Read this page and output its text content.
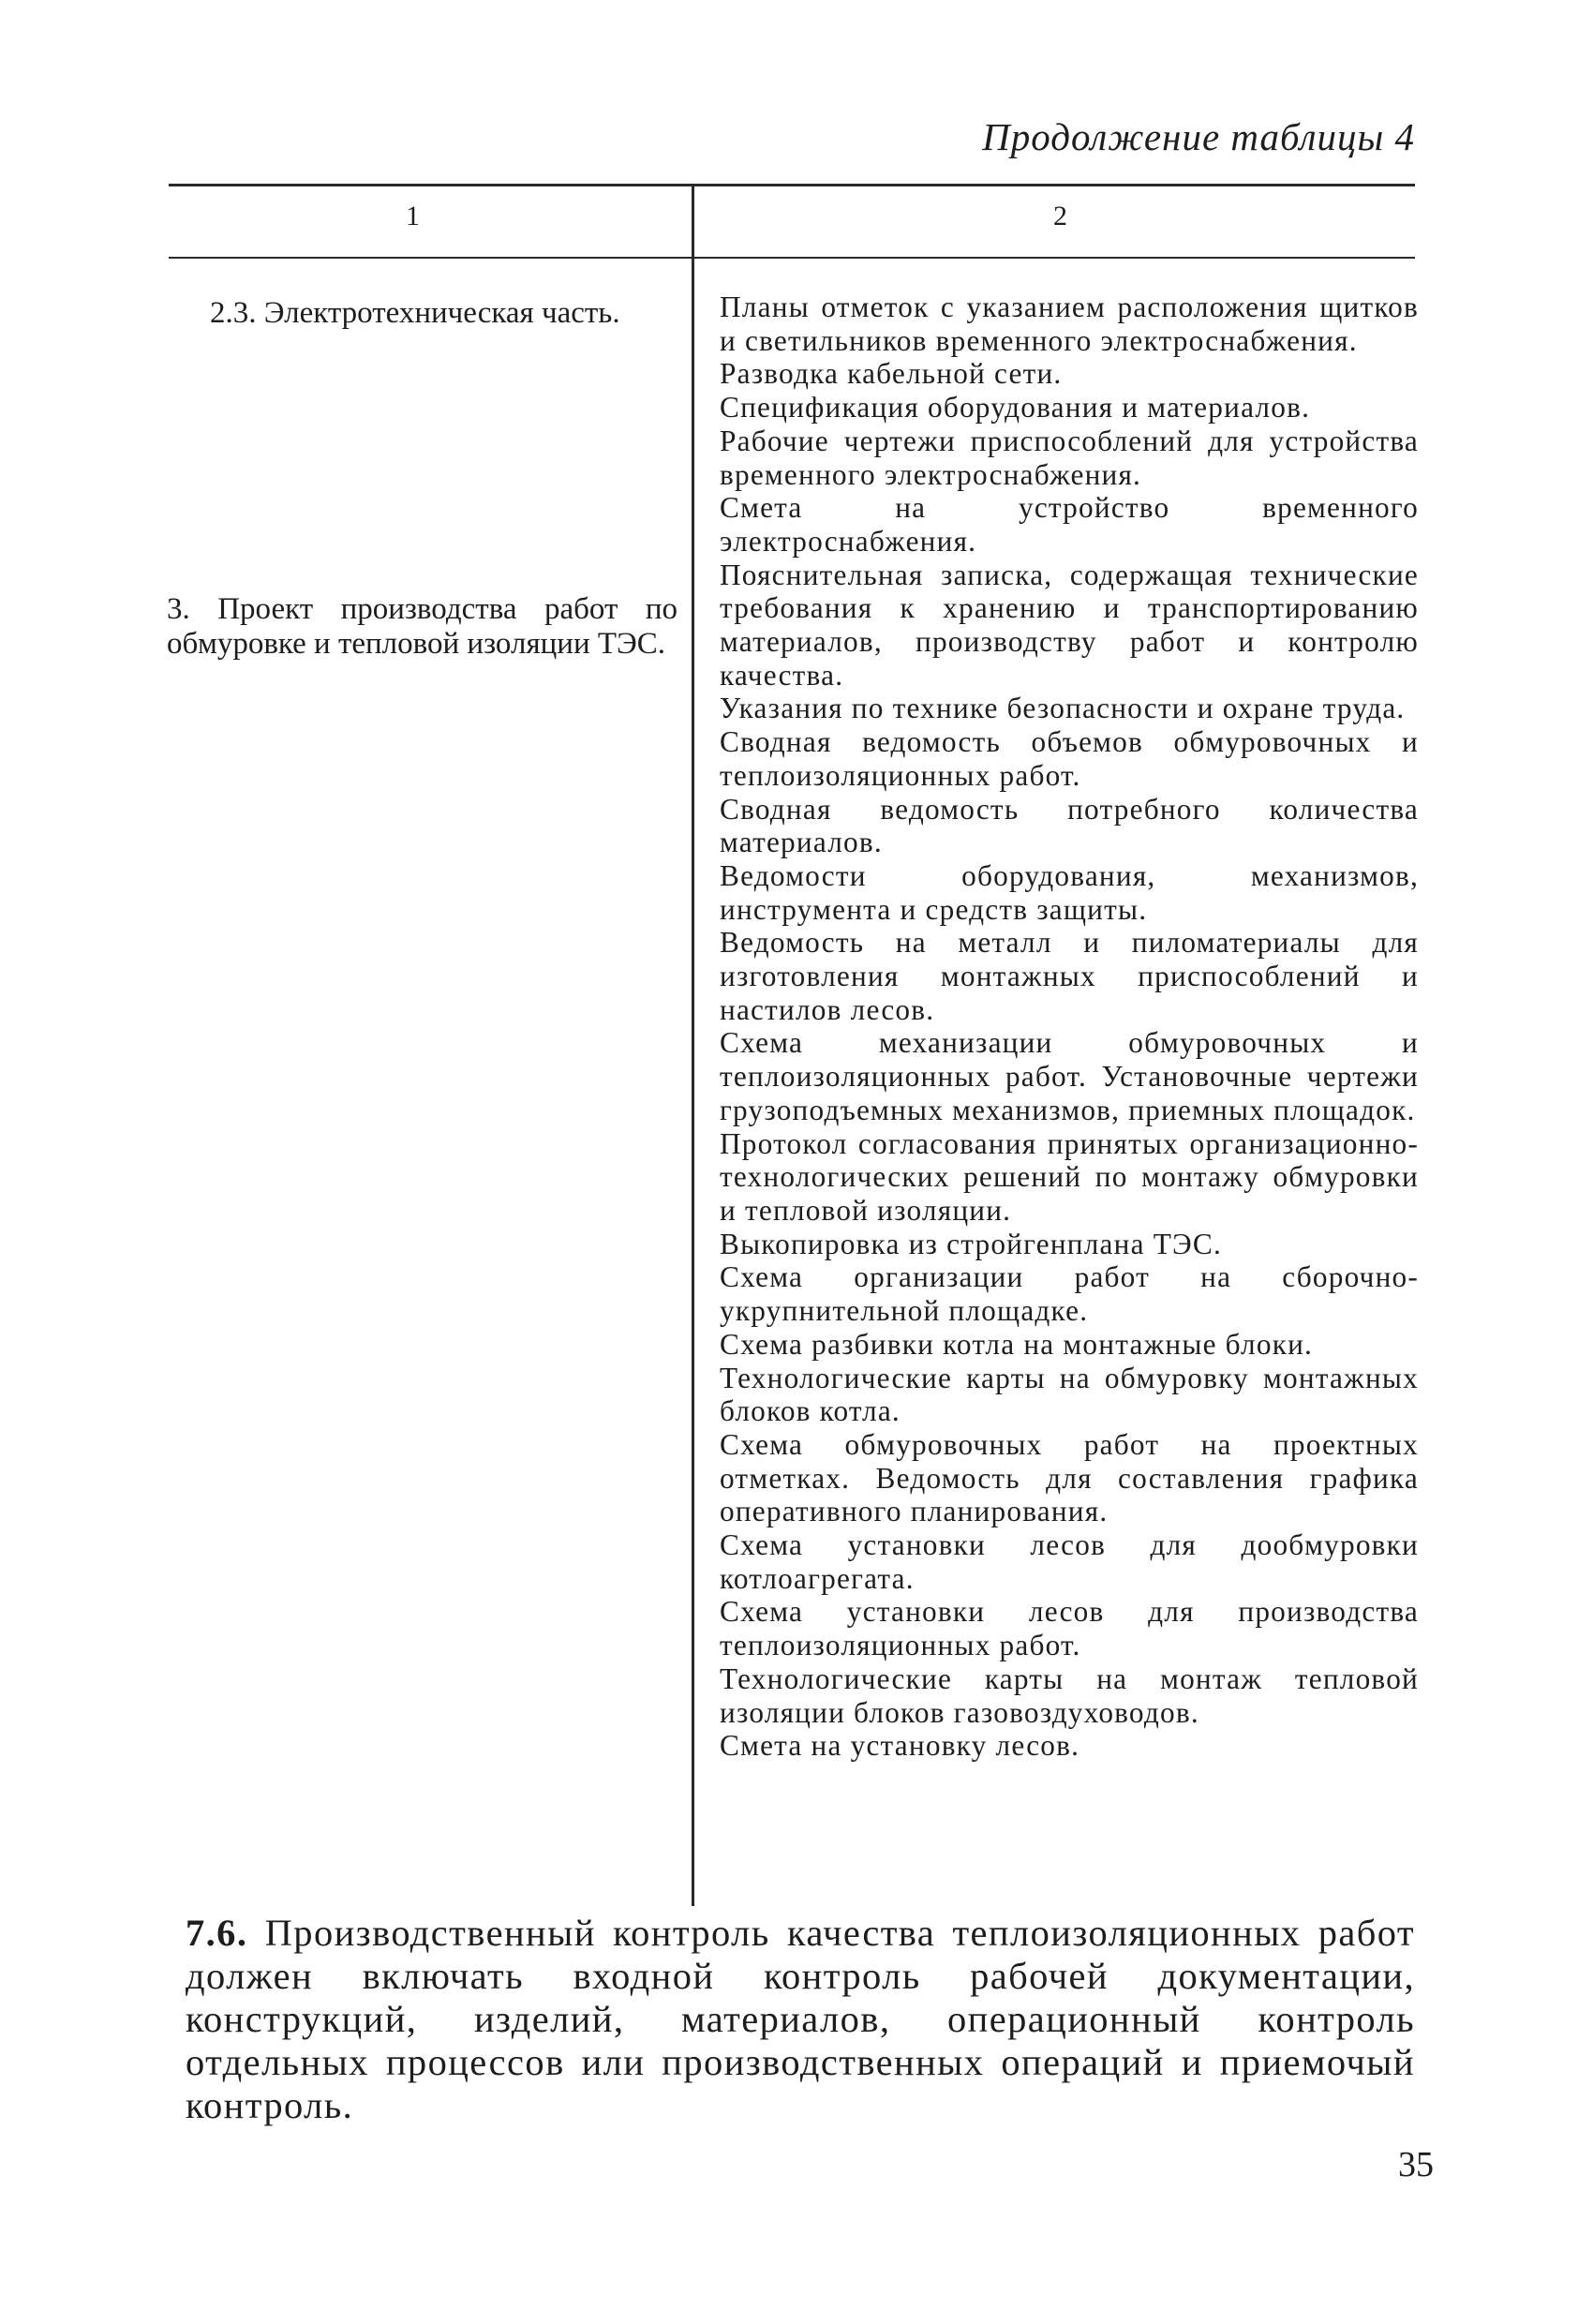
Продолжение таблицы 4
1	2
2.3. Электротехническая часть.
3. Проект производства работ по обмуровке и тепловой изоляции ТЭС.

Планы отметок с указанием расположения щитков и светильников временного электроснабжения.

Разводка кабельной сети.

Спецификация оборудования и материалов.

Рабочие чертежи приспособлений для устройства временного электроснабжения.

Смета на устройство временного электроснабжения.

Пояснительная записка, содержащая технические требования к хранению и транспортированию материалов, производству работ и контролю качества.

Указания по технике безопасности и охране труда.

Сводная ведомость объемов обмуровочных и теплоизоляционных работ.

Сводная ведомость потребного количества материалов.

Ведомости оборудования, механизмов, инструмента и средств защиты.

Ведомость на металл и пиломатериалы для изготовления монтажных приспособлений и настилов лесов.

Схема механизации обмуровочных и теплоизоляционных работ. Установочные чертежи грузоподъемных механизмов, приемных площадок.

Протокол согласования принятых организационно-технологических решений по монтажу обмуровки и тепловой изоляции.

Выкопировка из стройгенплана ТЭС.

Схема организации работ на сборочно-укрупнительной площадке.

Схема разбивки котла на монтажные блоки.

Технологические карты на обмуровку монтажных блоков котла.

Схема обмуровочных работ на проектных отметках. Ведомость для составления графика оперативного планирования.

Схема установки лесов для дообмуровки котлоагрегата.

Схема установки лесов для производства теплоизоляционных работ.

Технологические карты на монтаж тепловой изоляции блоков газовоздуховодов.

Смета на установку лесов.

7.6. Производственный контроль качества теплоизоляционных работ должен включать входной контроль рабочей документации, конструкций, изделий, материалов, операционный контроль отдельных процессов или производственных операций и приемочый контроль.
35
